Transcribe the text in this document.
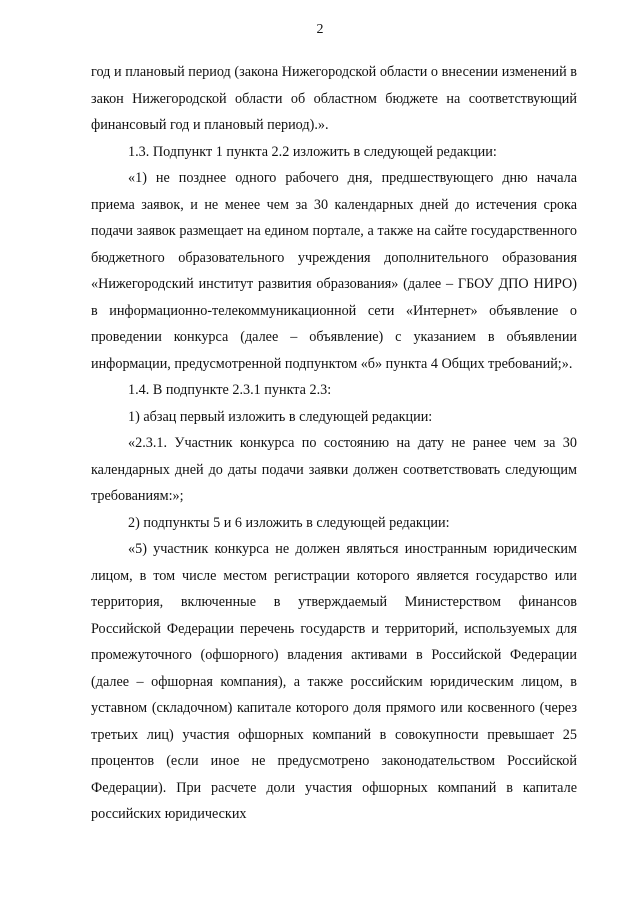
2

год и плановый период (закона Нижегородской области о внесении изменений в закон Нижегородской области об областном бюджете на соответствующий финансовый год и плановый период).».

1.3. Подпункт 1 пункта 2.2 изложить в следующей редакции:

«1) не позднее одного рабочего дня, предшествующего дню начала приема заявок, и не менее чем за 30 календарных дней до истечения срока подачи заявок размещает на едином портале, а также на сайте государственного бюджетного образовательного учреждения дополнительного образования «Нижегородский институт развития образования» (далее – ГБОУ ДПО НИРО) в информационно-телекоммуникационной сети «Интернет» объявление о проведении конкурса (далее – объявление) с указанием в объявлении информации, предусмотренной подпунктом «б» пункта 4 Общих требований;».

1.4. В подпункте 2.3.1 пункта 2.3:

1) абзац первый изложить в следующей редакции:

«2.3.1. Участник конкурса по состоянию на дату не ранее чем за 30 календарных дней до даты подачи заявки должен соответствовать следующим требованиям:»;

2) подпункты 5 и 6 изложить в следующей редакции:

«5) участник конкурса не должен являться иностранным юридическим лицом, в том числе местом регистрации которого является государство или территория, включенные в утверждаемый Министерством финансов Российской Федерации перечень государств и территорий, используемых для промежуточного (офшорного) владения активами в Российской Федерации (далее – офшорная компания), а также российским юридическим лицом, в уставном (складочном) капитале которого доля прямого или косвенного (через третьих лиц) участия офшорных компаний в совокупности превышает 25 процентов (если иное не предусмотрено законодательством Российской Федерации). При расчете доли участия офшорных компаний в капитале российских юридических
